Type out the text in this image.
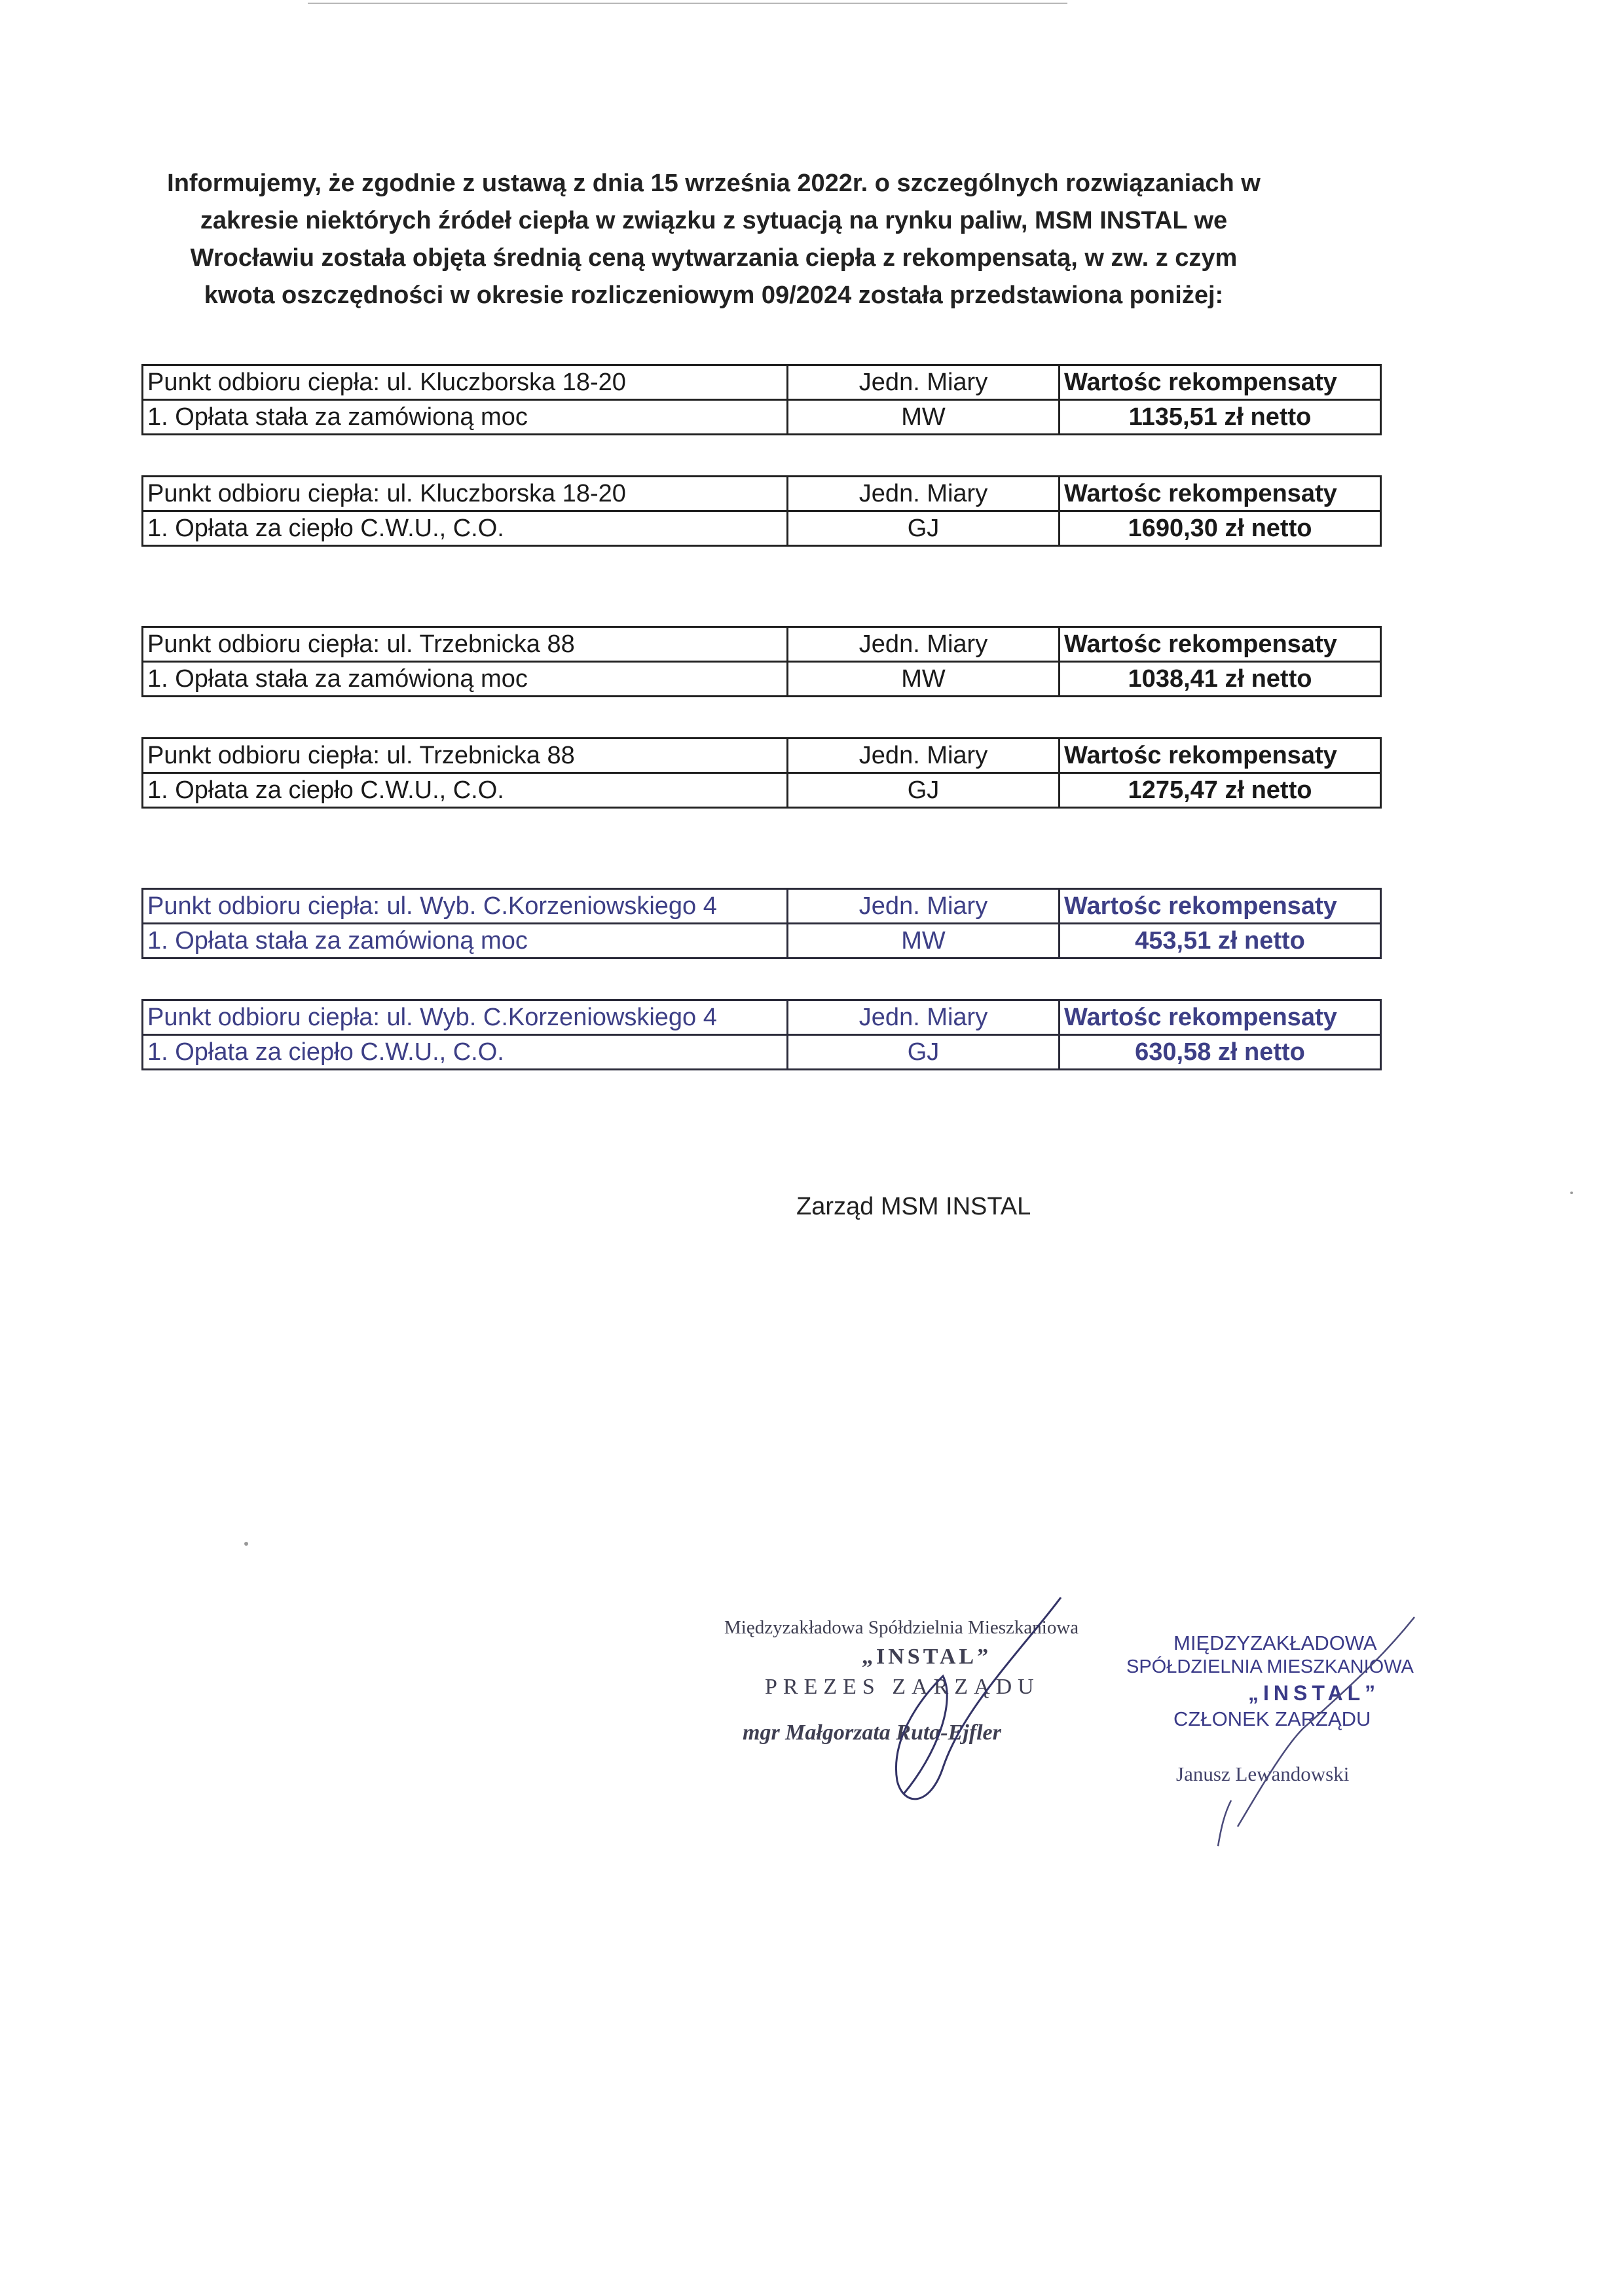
Informujemy, że zgodnie z ustawą z dnia 15 września 2022r. o szczególnych rozwiązaniach w
zakresie niektórych źródeł ciepła w związku z sytuacją na rynku paliw, MSM INSTAL we
Wrocławiu została objęta średnią ceną wytwarzania ciepła z rekompensatą, w zw. z czym
kwota oszczędności w okresie rozliczeniowym 09/2024 została przedstawiona poniżej:
Punkt odbioru ciepła: ul. Kluczborska 18-20	Jedn. Miary	Wartośc rekompensaty
1. Opłata stała za zamówioną moc	MW	1135,51 zł netto
Punkt odbioru ciepła: ul. Kluczborska 18-20	Jedn. Miary	Wartośc rekompensaty
1. Opłata za ciepło C.W.U., C.O.	GJ	1690,30 zł netto
Punkt odbioru ciepła: ul. Trzebnicka 88	Jedn. Miary	Wartośc rekompensaty
1. Opłata stała za zamówioną moc	MW	1038,41 zł netto
Punkt odbioru ciepła: ul. Trzebnicka 88	Jedn. Miary	Wartośc rekompensaty
1. Opłata za ciepło C.W.U., C.O.	GJ	1275,47 zł netto
Punkt odbioru ciepła: ul. Wyb. C.Korzeniowskiego 4	Jedn. Miary	Wartośc rekompensaty
1. Opłata stała za zamówioną moc	MW	453,51 zł netto
Punkt odbioru ciepła: ul. Wyb. C.Korzeniowskiego 4	Jedn. Miary	Wartośc rekompensaty
1. Opłata za ciepło C.W.U., C.O.	GJ	630,58 zł netto
Zarząd MSM INSTAL
Międzyzakładowa Spółdzielnia Mieszkaniowa
„INSTAL”
PREZES ZARZĄDU
mgr Małgorzata Ruta-Ejfler
MIĘDZYZAKŁADOWA
SPÓŁDZIELNIA MIESZKANIOWA
„INSTAL”
CZŁONEK ZARZĄDU
Janusz Lewandowski
